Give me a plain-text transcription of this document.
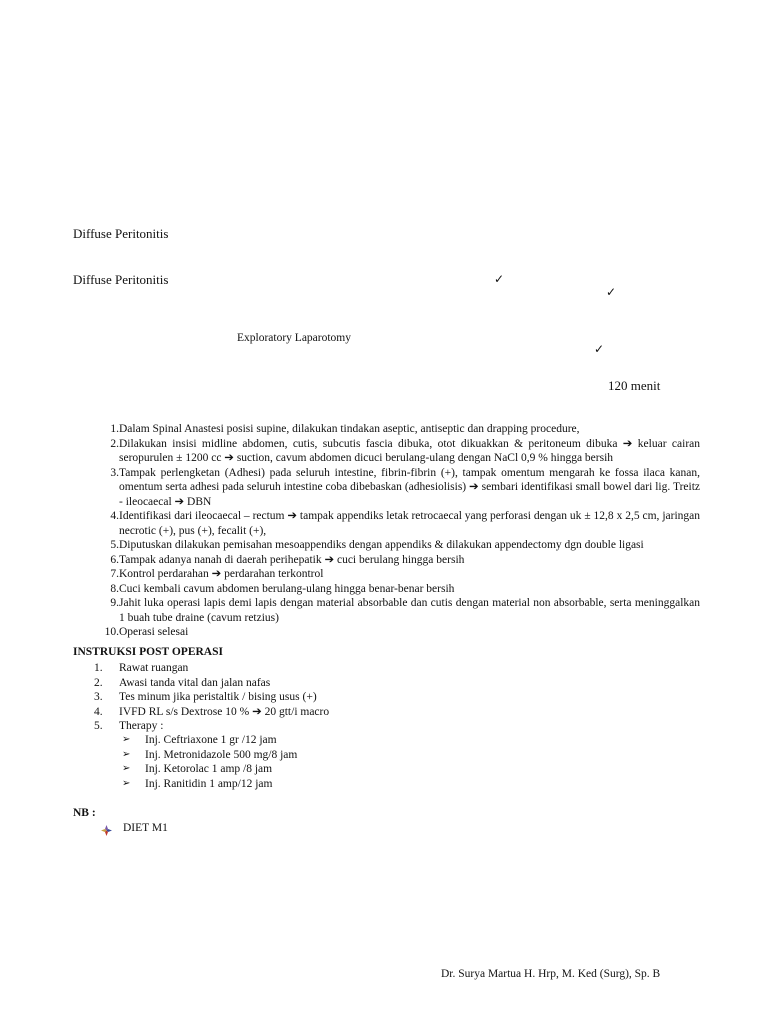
Diffuse Peritonitis
Diffuse Peritonitis	✓
✓
Exploratory Laparotomy
✓
120 menit
1. Dalam Spinal Anastesi posisi supine, dilakukan tindakan aseptic, antiseptic dan drapping procedure,
2. Dilakukan insisi midline abdomen, cutis, subcutis fascia dibuka, otot dikuakkan & peritoneum dibuka ➔ keluar cairan seropurulen ± 1200 cc ➔ suction, cavum abdomen dicuci berulang-ulang dengan NaCl 0,9 % hingga bersih
3. Tampak perlengketan (Adhesi) pada seluruh intestine, fibrin-fibrin (+), tampak omentum mengarah ke fossa ilaca kanan, omentum serta adhesi pada seluruh intestine coba dibebaskan (adhesiolisis) ➔ sembari identifikasi small bowel dari lig. Treitz - ileocaecal ➔ DBN
4. Identifikasi dari ileocaecal – rectum ➔ tampak appendiks letak retrocaecal yang perforasi dengan uk ± 12,8 x 2,5 cm, jaringan necrotic (+), pus (+), fecalit (+),
5. Diputuskan dilakukan pemisahan mesoappendiks dengan appendiks & dilakukan appendectomy dgn double ligasi
6. Tampak adanya nanah di daerah perihepatik ➔ cuci berulang hingga bersih
7. Kontrol perdarahan ➔ perdarahan terkontrol
8. Cuci kembali cavum abdomen berulang-ulang hingga benar-benar bersih
9. Jahit luka operasi lapis demi lapis dengan material absorbable dan cutis dengan material non absorbable, serta meninggalkan 1 buah tube draine (cavum retzius)
10. Operasi selesai
INSTRUKSI POST OPERASI
1.	Rawat ruangan
2.	Awasi tanda vital dan jalan nafas
3.	Tes minum jika peristaltik / bising usus (+)
4.	IVFD RL s/s Dextrose 10 % ➔ 20 gtt/i macro
5.	Therapy :
➢	Inj. Ceftriaxone 1 gr /12 jam
➢	Inj. Metronidazole 500 mg/8 jam
➢	Inj. Ketorolac 1 amp /8 jam
➢	Inj. Ranitidin 1 amp/12 jam
NB :
DIET M1
Dr. Surya Martua H. Hrp, M. Ked (Surg), Sp. B
